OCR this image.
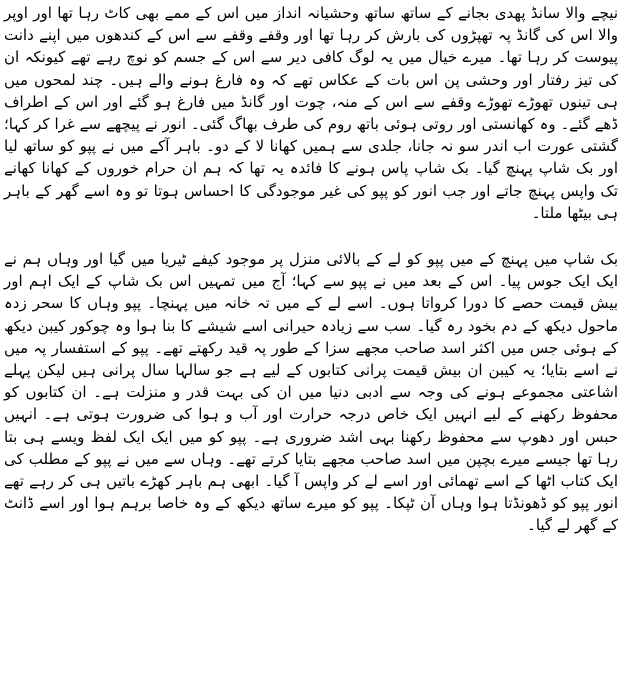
نیچے والا سانڈ پھدی بجانے کے ساتھ ساتھ وحشیانہ انداز میں اس کے ممے بھی کاٹ رہا تھا اور اوپر والا اس کی گانڈ پہ تھپڑوں کی بارش کر رہا تھا اور وقفے وقفے سے اس کے کندھوں میں اپنے دانت پیوست کر رہا تھا۔ میرے خیال میں یہ لوگ کافی دیر سے اس کے جسم کو نوچ رہے تھے کیونکہ ان کی تیز رفتار اور وحشی پن اس بات کے عکاس تھے کہ وہ فارغ ہونے والے ہیں۔ چند لمحوں میں ہی تینوں تھوڑے تھوڑے وقفے سے اس کے منہ، چوت اور گانڈ میں فارغ ہو گئے اور اس کے اطراف ڈھے گئے۔ وہ کھانستی اور روتی ہوئی باتھ روم کی طرف بھاگ گئی۔ انور نے پیچھے سے غرا کر کہا؛ گشتی عورت اب اندر سو نہ جانا، جلدی سے ہمیں کھانا لا کے دو۔ باہر آکے میں نے پپو کو ساتھ لیا اور بک شاپ پہنچ گیا۔ بک شاپ پاس ہونے کا فائدہ یہ تھا کہ ہم ان حرام خوروں کے کھانا کھانے تک واپس پہنچ جاتے اور جب انور کو پپو کی غیر موجودگی کا احساس ہوتا تو وہ اسے گھر کے باہر ہی بیٹھا ملتا۔

بک شاپ میں پہنچ کے میں پپو کو لے کے بالائی منزل پر موجود کیفے ٹیریا میں گیا اور وہاں ہم نے ایک ایک جوس پیا۔ اس کے بعد میں نے پپو سے کہا؛ آج میں تمہیں اس بک شاپ کے ایک اہم اور بیش قیمت حصے کا دورا کرواتا ہوں۔ اسے لے کے میں تہ خانہ میں پہنچا۔ پپو وہاں کا سحر زدہ ماحول دیکھ کے دم بخود رہ گیا۔ سب سے زیادہ حیرانی اسے شیشے کا بنا ہوا وہ چوکور کیبن دیکھ کے ہوئی جس میں اکثر اسد صاحب مجھے سزا کے طور پہ قید رکھتے تھے۔ پپو کے استفسار پہ میں نے اسے بتایا؛ یہ کیبن ان بیش قیمت پرانی کتابوں کے لیے ہے جو سالہا سال پرانی ہیں لیکن پہلے اشاعتی مجموعے ہونے کی وجہ سے ادبی دنیا میں ان کی بہت قدر و منزلت ہے۔ ان کتابوں کو محفوظ رکھنے کے لیے انہیں ایک خاص درجہ حرارت اور آب و ہوا کی ضرورت ہوتی ہے۔ انہیں حبس اور دھوپ سے محفوظ رکھنا بہی اشد ضروری ہے۔ پپو کو میں ایک ایک لفظ ویسے ہی بتا رہا تھا جیسے میرے بچپن میں اسد صاحب مجھے بتایا کرتے تھے۔ وہاں سے میں نے پپو کے مطلب کی ایک کتاب اٹھا کے اسے تھمائی اور اسے لے کر واپس آ گیا۔ ابھی ہم باہر کھڑے باتیں ہی کر رہے تھے انور پپو کو ڈھونڈتا ہوا وہاں آن ٹپکا۔ پپو کو میرے ساتھ دیکھ کے وہ خاصا برہم ہوا اور اسے ڈانٹ کے گھر لے گیا۔
